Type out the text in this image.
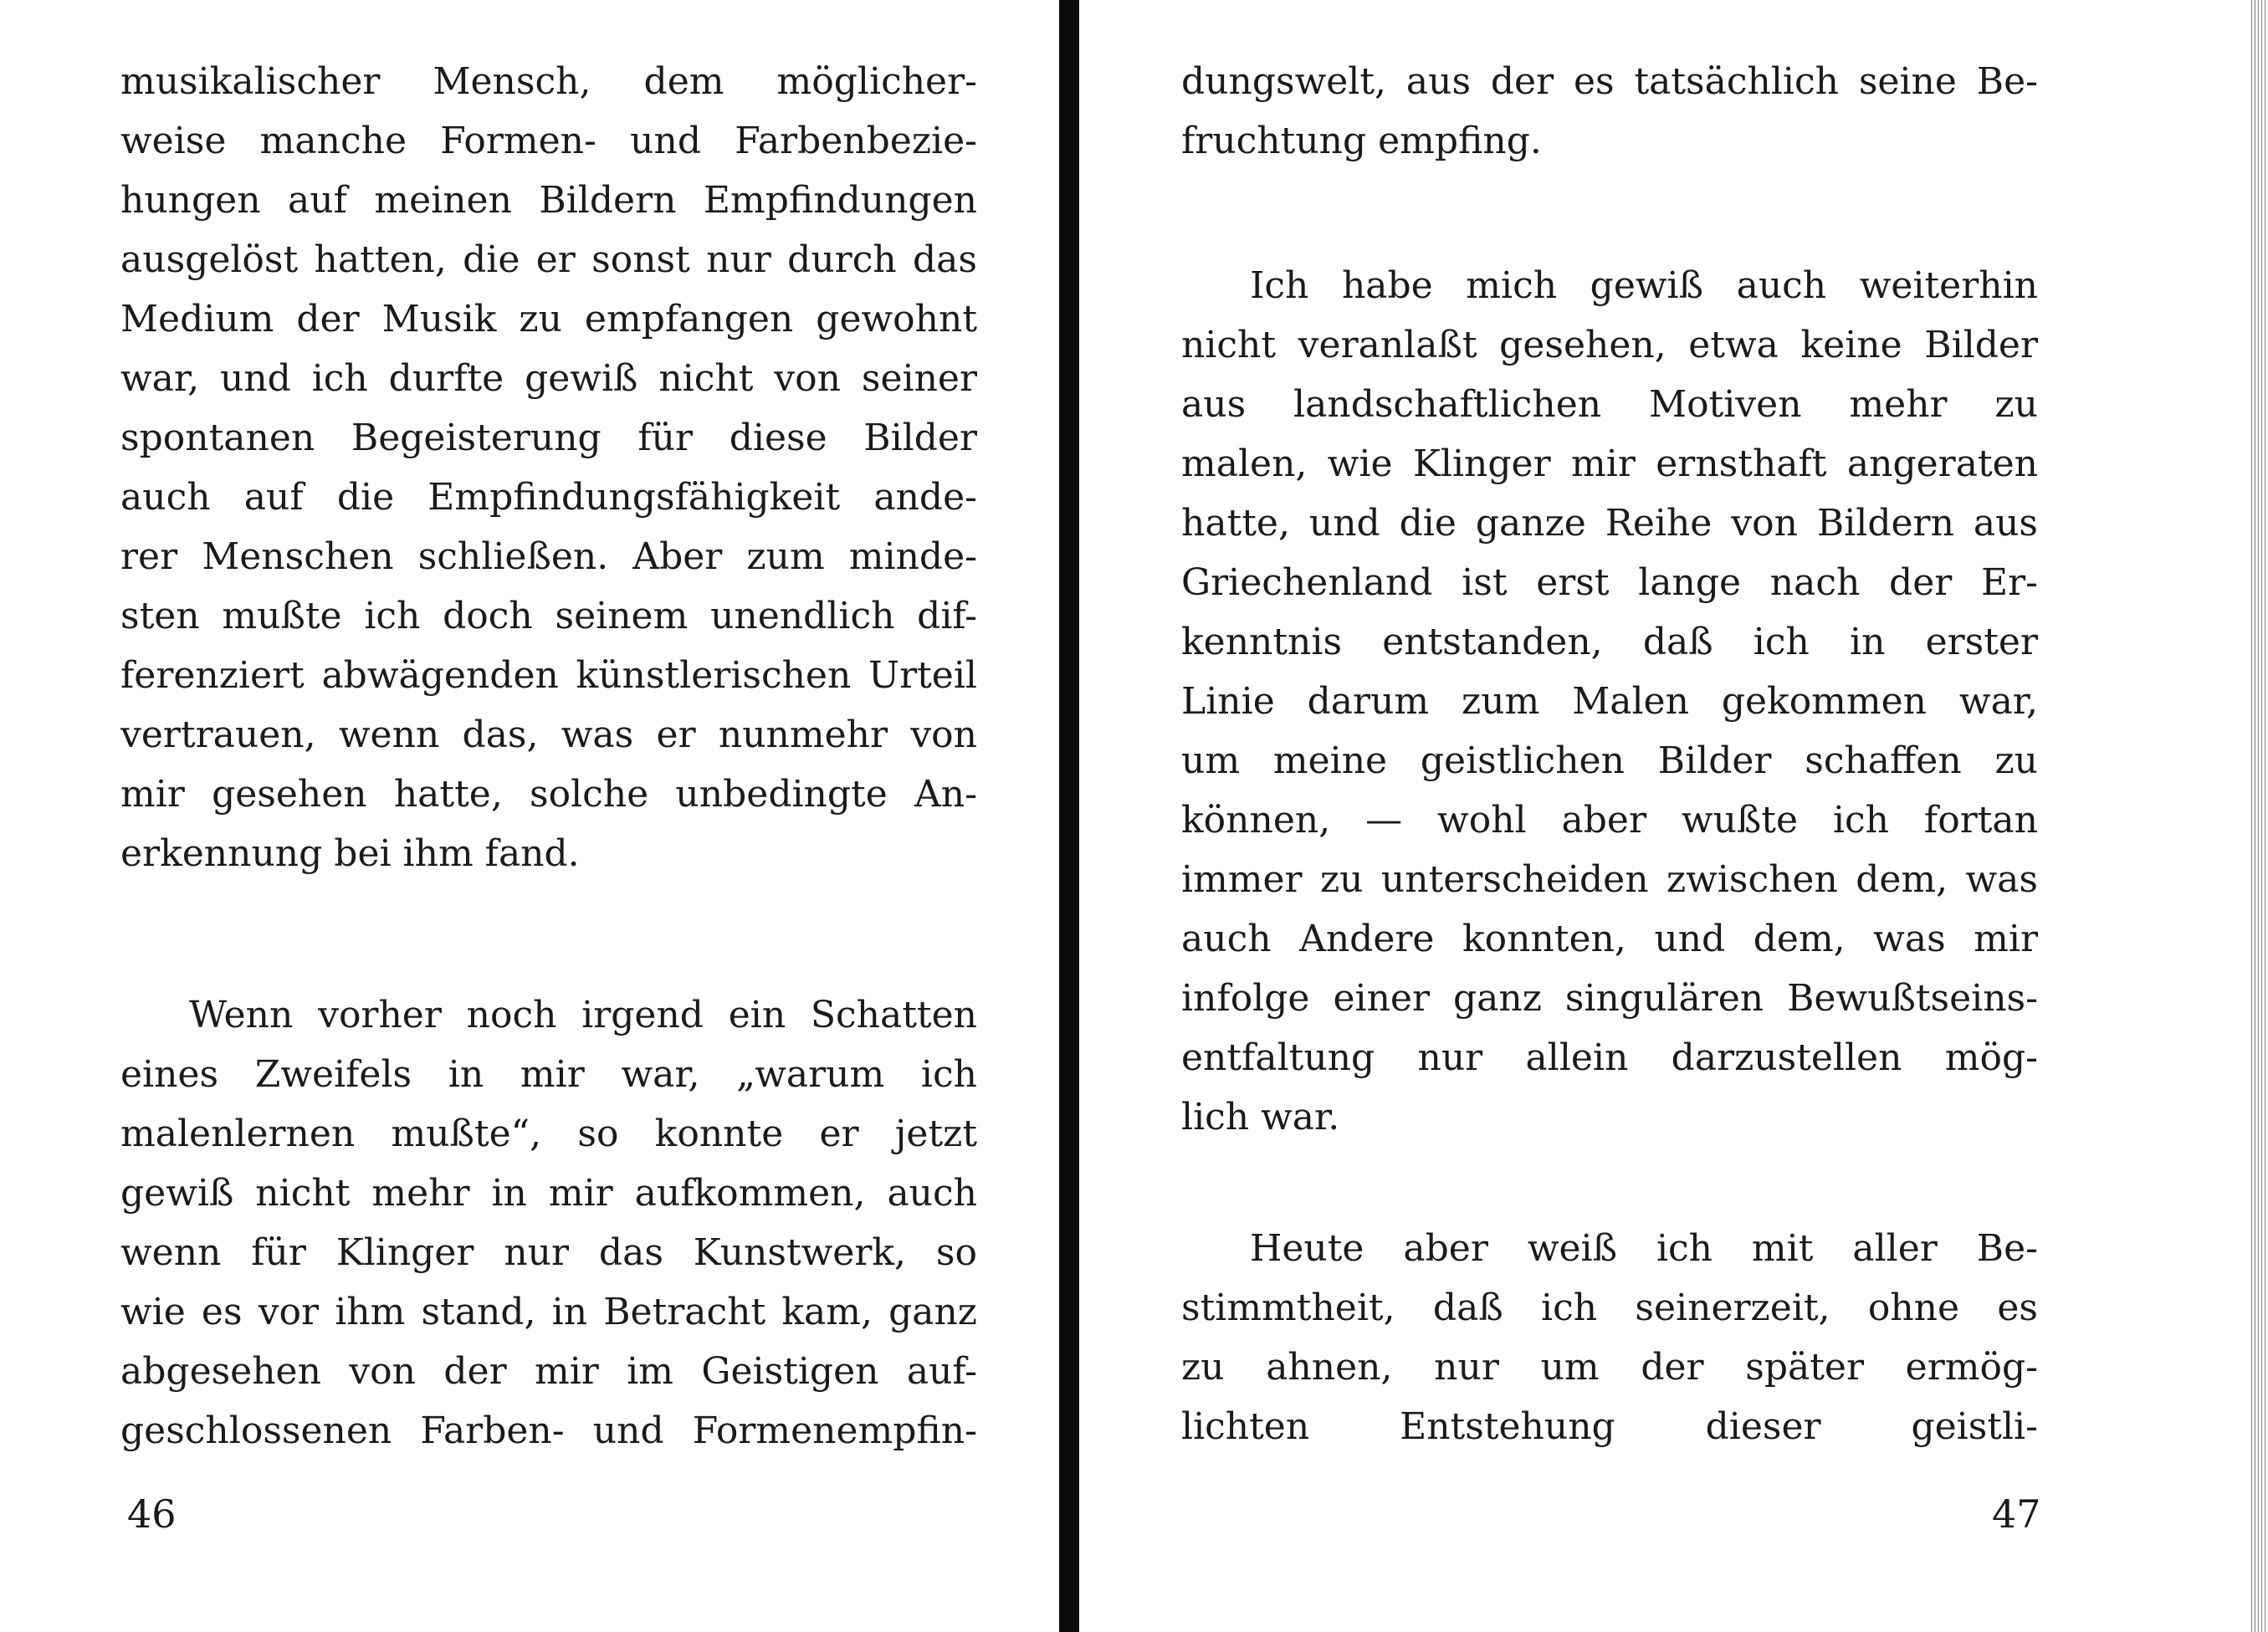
musikalischer Mensch, dem möglicher-
weise manche Formen- und Farbenbezie-
hungen auf meinen Bildern Empfindungen
ausgelöst hatten, die er sonst nur durch das
Medium der Musik zu empfangen gewohnt
war, und ich durfte gewiß nicht von seiner
spontanen Begeisterung für diese Bilder
auch auf die Empfindungsfähigkeit ande-
rer Menschen schließen. Aber zum minde-
sten mußte ich doch seinem unendlich dif-
ferenziert abwägenden künstlerischen Urteil
vertrauen, wenn das, was er nunmehr von
mir gesehen hatte, solche unbedingte An-
erkennung bei ihm fand.
Wenn vorher noch irgend ein Schatten
eines Zweifels in mir war, „warum ich
malenlernen mußte“, so konnte er jetzt
gewiß nicht mehr in mir aufkommen, auch
wenn für Klinger nur das Kunstwerk, so
wie es vor ihm stand, in Betracht kam, ganz
abgesehen von der mir im Geistigen auf-
geschlossenen Farben- und Formenempfin-
46
dungswelt, aus der es tatsächlich seine Be-
fruchtung empfing.
Ich habe mich gewiß auch weiterhin
nicht veranlaßt gesehen, etwa keine Bilder
aus landschaftlichen Motiven mehr zu
malen, wie Klinger mir ernsthaft angeraten
hatte, und die ganze Reihe von Bildern aus
Griechenland ist erst lange nach der Er-
kenntnis entstanden, daß ich in erster
Linie darum zum Malen gekommen war,
um meine geistlichen Bilder schaffen zu
können, — wohl aber wußte ich fortan
immer zu unterscheiden zwischen dem, was
auch Andere konnten, und dem, was mir
infolge einer ganz singulären Bewußtseins-
entfaltung nur allein darzustellen mög-
lich war.
Heute aber weiß ich mit aller Be-
stimmtheit, daß ich seinerzeit, ohne es
zu ahnen, nur um der später ermög-
lichten Entstehung dieser geistli-
47
